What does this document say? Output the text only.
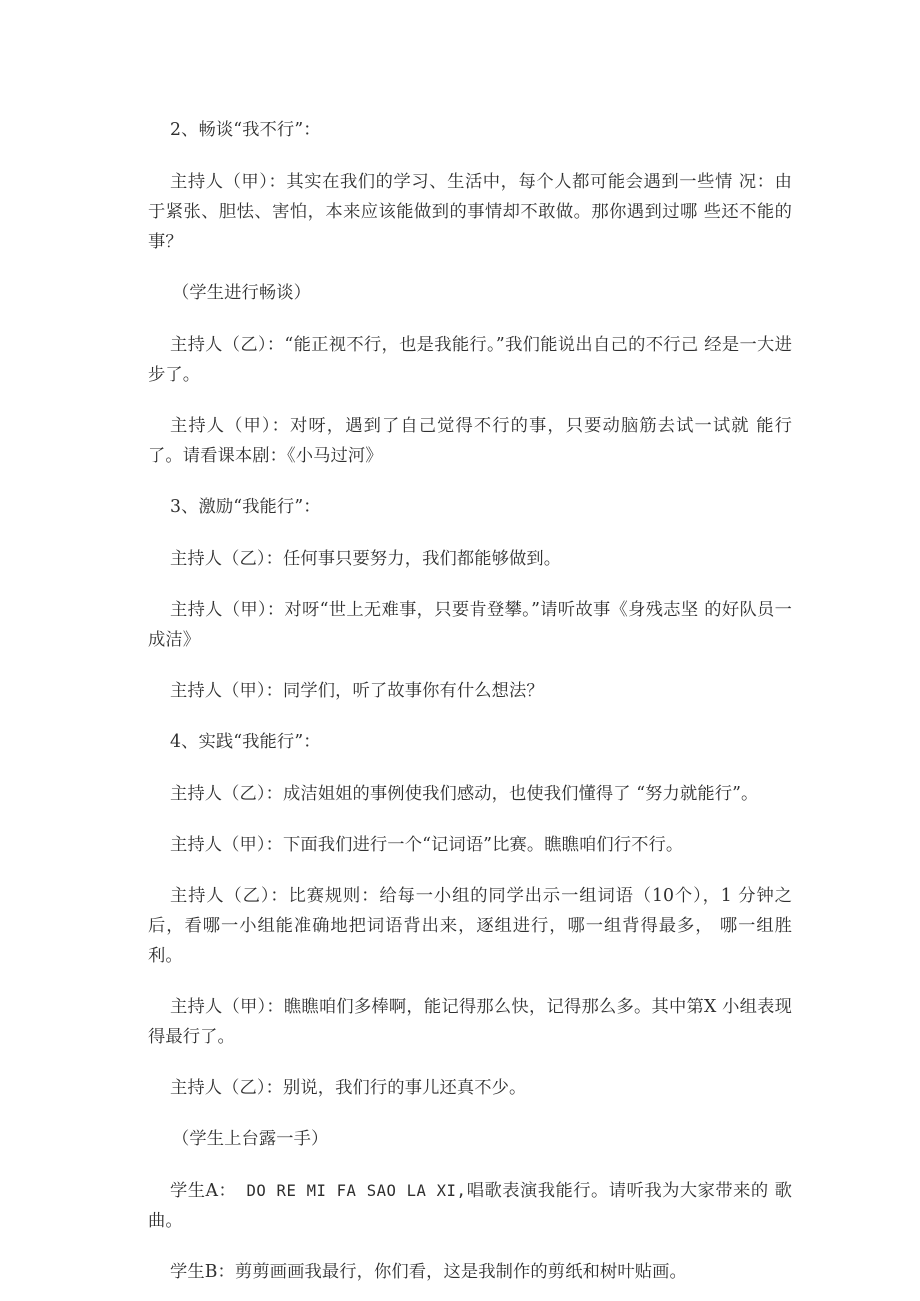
2、畅谈“我不行”：

主持人（甲）：其实在我们的学习、生活中，每个人都可能会遇到一些情 况：由于紧张、胆怯、害怕，本来应该能做到的事情却不敢做。那你遇到过哪 些还不能的事？

（学生进行畅谈）

主持人（乙）：“能正视不行，也是我能行。”我们能说出自己的不行己 经是一大进步了。

主持人（甲）：对呀，遇到了自己觉得不行的事，只要动脑筋去试一试就 能行了。请看课本剧：《小马过河》

3、激励“我能行”：

主持人（乙）：任何事只要努力，我们都能够做到。

主持人（甲）：对呀“世上无难事，只要肯登攀。”请听故事《身残志坚 的好队员一成洁》

主持人（甲）：同学们，听了故事你有什么想法？

4、实践“我能行”：

主持人（乙）：成洁姐姐的事例使我们感动，也使我们懂得了 “努力就能行”。

主持人（甲）：下面我们进行一个“记词语”比赛。瞧瞧咱们行不行。

主持人（乙）：比赛规则：给每一小组的同学出示一组词语（10个），1 分钟之后，看哪一小组能准确地把词语背出来，逐组进行，哪一组背得最多， 哪一组胜利。

主持人（甲）：瞧瞧咱们多棒啊，能记得那么快，记得那么多。其中第X 小组表现得最行了。

主持人（乙）：别说，我们行的事儿还真不少。

（学生上台露一手）

学生A： DO RE MI FA SAO LA XI,唱歌表演我能行。请听我为大家带来的 歌曲。

学生B：剪剪画画我最行，你们看，这是我制作的剪纸和树叶贴画。
